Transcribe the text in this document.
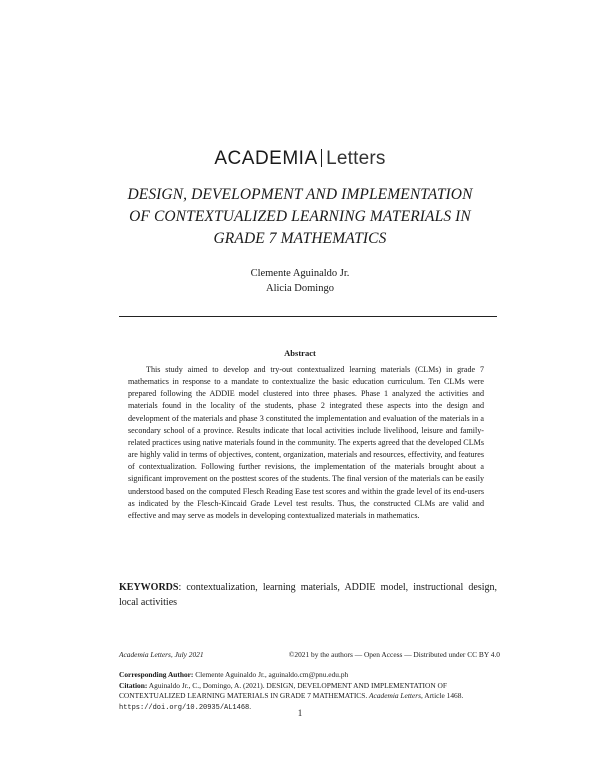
ACADEMIA Letters
DESIGN, DEVELOPMENT AND IMPLEMENTATION
OF CONTEXTUALIZED LEARNING MATERIALS IN
GRADE 7 MATHEMATICS
Clemente Aguinaldo Jr.
Alicia Domingo
Abstract
This study aimed to develop and try-out contextualized learning materials (CLMs) in grade 7 mathematics in response to a mandate to contextualize the basic education curriculum. Ten CLMs were prepared following the ADDIE model clustered into three phases. Phase 1 analyzed the activities and materials found in the locality of the students, phase 2 integrated these aspects into the design and development of the materials and phase 3 constituted the implementation and evaluation of the materials in a secondary school of a province. Results indicate that local activities include livelihood, leisure and family-related practices using native materials found in the community. The experts agreed that the developed CLMs are highly valid in terms of objectives, content, organization, materials and resources, effectivity, and features of contextualization. Following further revisions, the implementation of the materials brought about a significant improvement on the posttest scores of the students. The final version of the materials can be easily understood based on the computed Flesch Reading Ease test scores and within the grade level of its end-users as indicated by the Flesch-Kincaid Grade Level test results. Thus, the constructed CLMs are valid and effective and may serve as models in developing contextualized materials in mathematics.
KEYWORDS: contextualization, learning materials, ADDIE model, instructional design, local activities
Academia Letters, July 2021	©2021 by the authors — Open Access — Distributed under CC BY 4.0
Corresponding Author: Clemente Aguinaldo Jr., aguinaldo.cm@pnu.edu.ph
Citation: Aguinaldo Jr., C., Domingo, A. (2021). DESIGN, DEVELOPMENT AND IMPLEMENTATION OF CONTEXTUALIZED LEARNING MATERIALS IN GRADE 7 MATHEMATICS. Academia Letters, Article 1468. https://doi.org/10.20935/AL1468.
1
